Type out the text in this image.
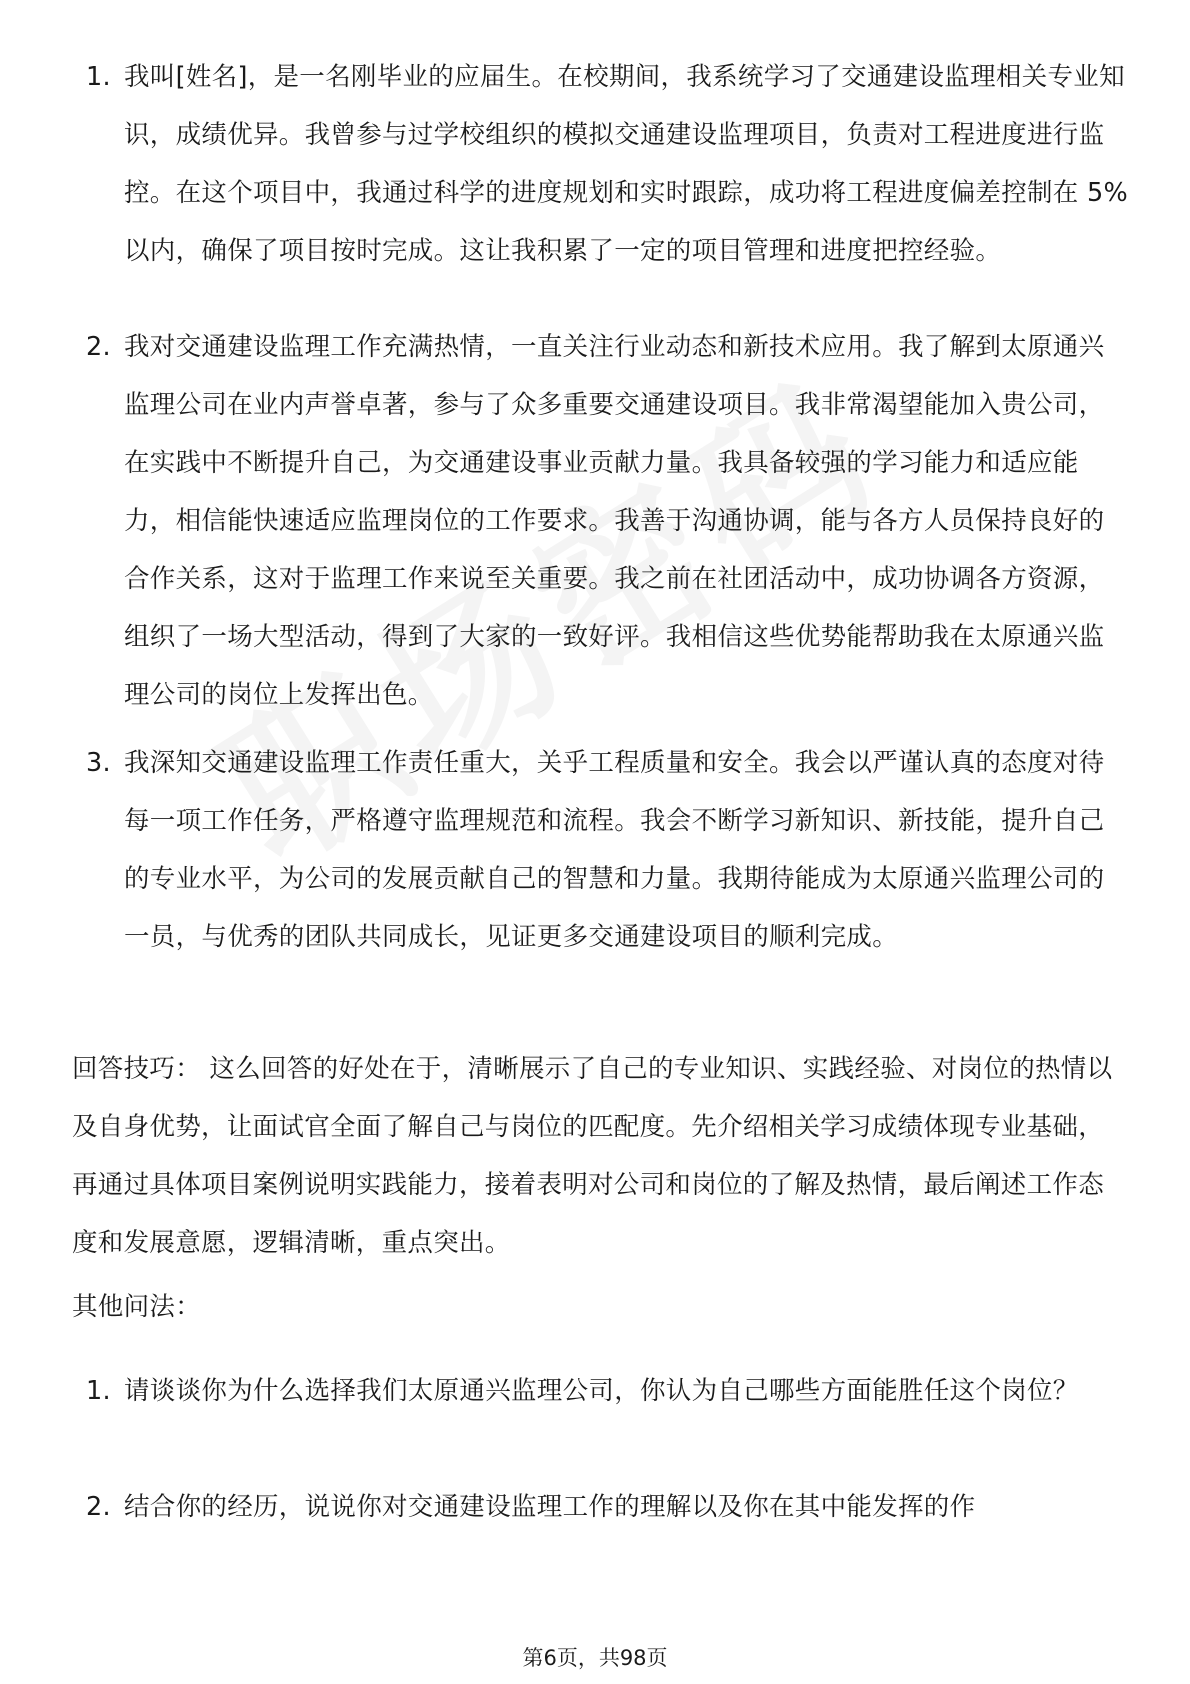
1. 我叫[姓名]，是一名刚毕业的应届生。在校期间，我系统学习了交通建设监理相关专业知识，成绩优异。我曾参与过学校组织的模拟交通建设监理项目，负责对工程进度进行监控。在这个项目中，我通过科学的进度规划和实时跟踪，成功将工程进度偏差控制在 5%以内，确保了项目按时完成。这让我积累了一定的项目管理和进度把控经验。
2. 我对交通建设监理工作充满热情，一直关注行业动态和新技术应用。我了解到太原通兴监理公司在业内声誉卓著，参与了众多重要交通建设项目。我非常渴望能加入贵公司，在实践中不断提升自己，为交通建设事业贡献力量。我具备较强的学习能力和适应能力，相信能快速适应监理岗位的工作要求。我善于沟通协调，能与各方人员保持良好的合作关系，这对于监理工作来说至关重要。我之前在社团活动中，成功协调各方资源，组织了一场大型活动，得到了大家的一致好评。我相信这些优势能帮助我在太原通兴监理公司的岗位上发挥出色。
3. 我深知交通建设监理工作责任重大，关乎工程质量和安全。我会以严谨认真的态度对待每一项工作任务，严格遵守监理规范和流程。我会不断学习新知识、新技能，提升自己的专业水平，为公司的发展贡献自己的智慧和力量。我期待能成为太原通兴监理公司的一员，与优秀的团队共同成长，见证更多交通建设项目的顺利完成。

回答技巧： 这么回答的好处在于，清晰展示了自己的专业知识、实践经验、对岗位的热情以及自身优势，让面试官全面了解自己与岗位的匹配度。先介绍相关学习成绩体现专业基础，再通过具体项目案例说明实践能力，接着表明对公司和岗位的了解及热情，最后阐述工作态度和发展意愿，逻辑清晰，重点突出。

其他问法：

1. 请谈谈你为什么选择我们太原通兴监理公司，你认为自己哪些方面能胜任这个岗位？
2. 结合你的经历，说说你对交通建设监理工作的理解以及你在其中能发挥的作
第6页，共98页
